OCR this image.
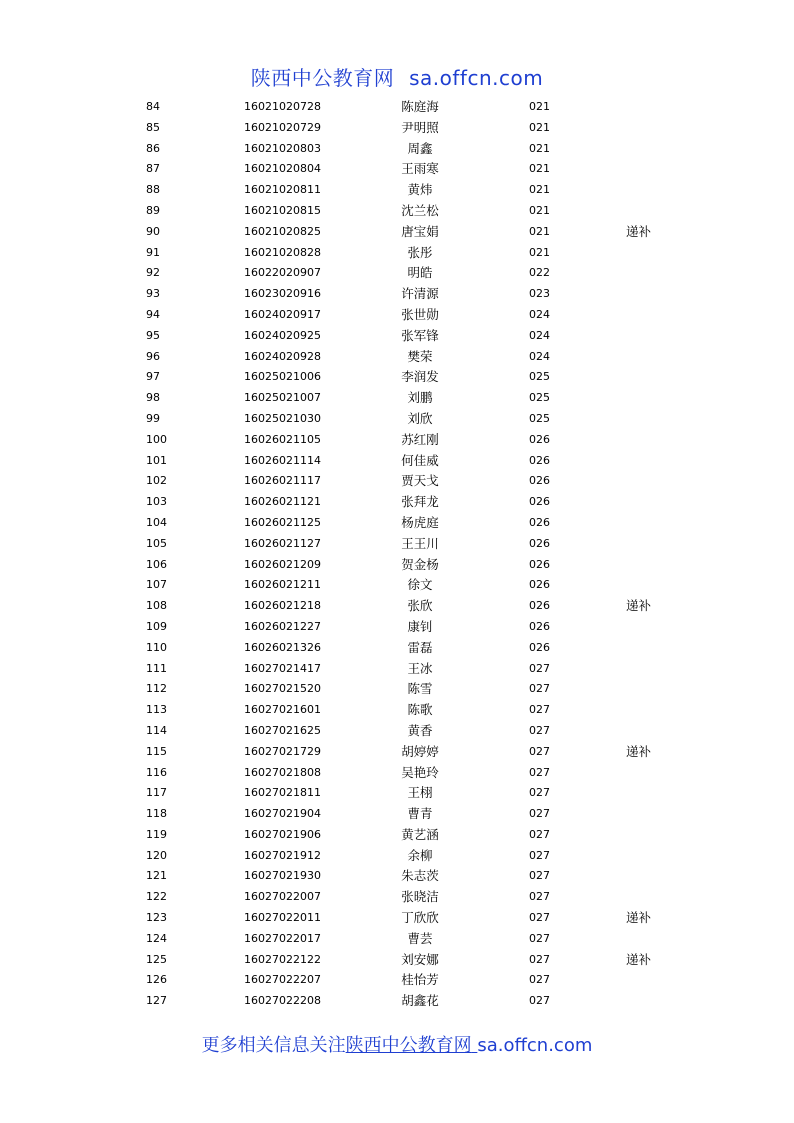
陕西中公教育网 sa.offcn.com
84	16021020728	陈庭海	021
85	16021020729	尹明照	021
86	16021020803	周鑫	021
87	16021020804	王雨寒	021
88	16021020811	黄炜	021
89	16021020815	沈兰松	021
90	16021020825	唐宝娟	021	递补
91	16021020828	张彤	021
92	16022020907	明皓	022
93	16023020916	许清源	023
94	16024020917	张世勋	024
95	16024020925	张军锋	024
96	16024020928	樊荣	024
97	16025021006	李润发	025
98	16025021007	刘鹏	025
99	16025021030	刘欣	025
100	16026021105	苏红刚	026
101	16026021114	何佳威	026
102	16026021117	贾天戈	026
103	16026021121	张拜龙	026
104	16026021125	杨虎庭	026
105	16026021127	王王川	026
106	16026021209	贺金杨	026
107	16026021211	徐文	026
108	16026021218	张欣	026	递补
109	16026021227	康钊	026
110	16026021326	雷磊	026
111	16027021417	王冰	027
112	16027021520	陈雪	027
113	16027021601	陈歌	027
114	16027021625	黄香	027
115	16027021729	胡婷婷	027	递补
116	16027021808	吴艳玲	027
117	16027021811	王栩	027
118	16027021904	曹青	027
119	16027021906	黄艺涵	027
120	16027021912	余柳	027
121	16027021930	朱志茨	027
122	16027022007	张晓洁	027
123	16027022011	丁欣欣	027	递补
124	16027022017	曹芸	027
125	16027022122	刘安娜	027	递补
126	16027022207	桂怡芳	027
127	16027022208	胡鑫花	027
更多相关信息关注陕西中公教育网 sa.offcn.com
